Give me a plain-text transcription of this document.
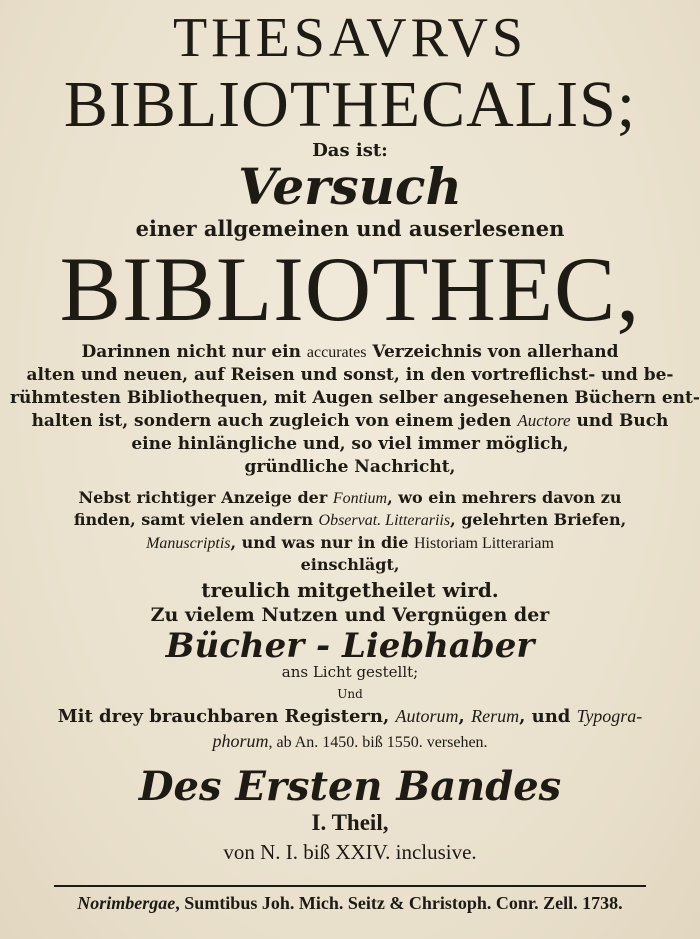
THESAVRVS
BIBLIOTHECALIS;
Das ist:
Versuch
einer allgemeinen und auserlesenen
BIBLIOTHEC,
Darinnen nicht nur ein accurates Verzeichnis von allerhand
alten und neuen, auf Reisen und sonst, in den vortreflichst- und be-
rühmtesten Bibliothequen, mit Augen selber angesehenen Büchern ent-
halten ist, sondern auch zugleich von einem jeden Auctore und Buch
eine hinlängliche und, so viel immer möglich,
gründliche Nachricht,
Nebst richtiger Anzeige der Fontium, wo ein mehrers davon zu
finden, samt vielen andern Observat. Litterariis, gelehrten Briefen,
Manuscriptis, und was nur in die Historiam Litterariam
einschlägt,
treulich mitgetheilet wird.
Zu vielem Nutzen und Vergnügen der
Bücher - Liebhaber
ans Licht gestellt;
Und
Mit drey brauchbaren Registern, Autorum, Rerum, und Typogra-
phorum, ab An. 1450. biß 1550. versehen.
Des Ersten Bandes
I. Theil,
von N. I. biß XXIV. inclusive.
Norimbergae, Sumtibus Joh. Mich. Seitz & Christoph. Conr. Zell. 1738.
